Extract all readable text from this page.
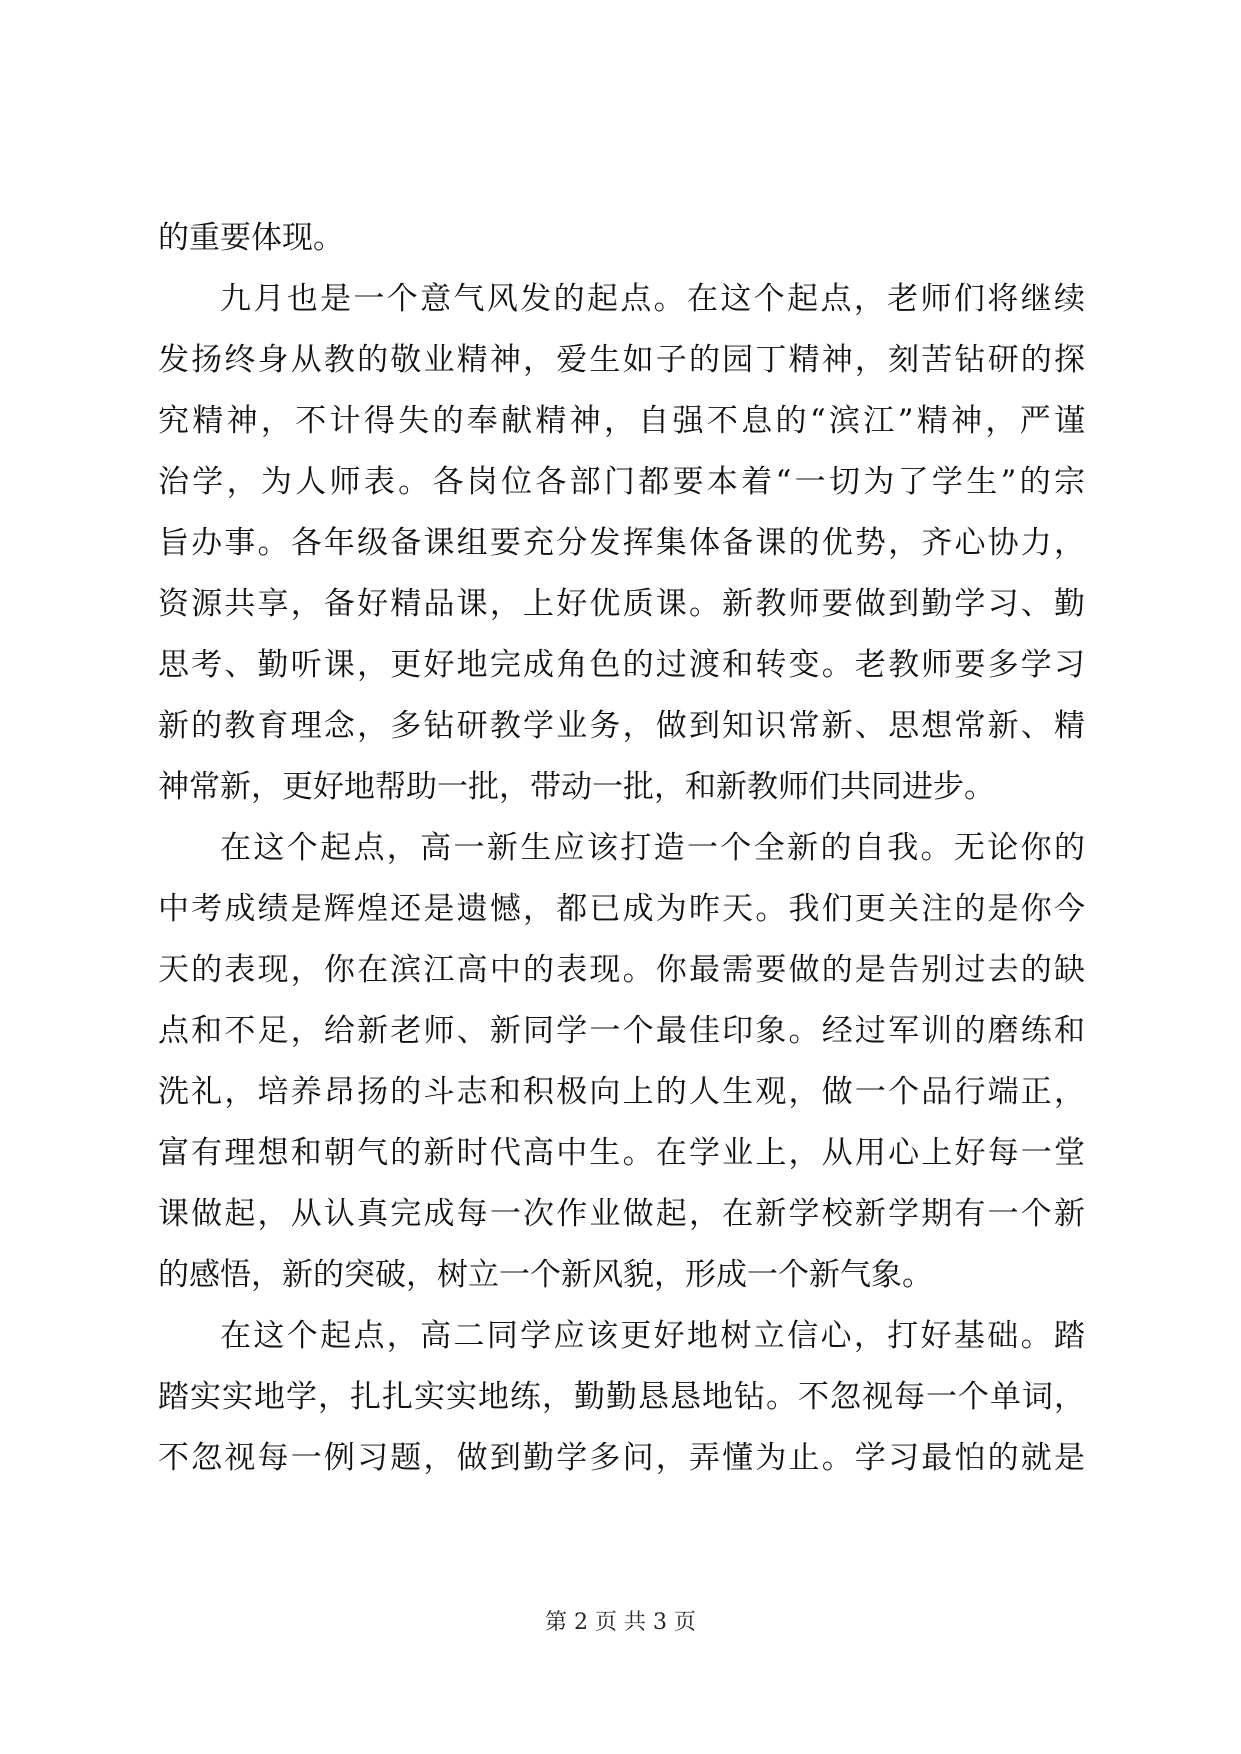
的重要体现。
九月也是一个意气风发的起点。在这个起点，老师们将继续
发扬终身从教的敬业精神，爱生如子的园丁精神，刻苦钻研的探
究精神，不计得失的奉献精神，自强不息的“滨江”精神，严谨
治学，为人师表。各岗位各部门都要本着“一切为了学生”的宗
旨办事。各年级备课组要充分发挥集体备课的优势，齐心协力，
资源共享，备好精品课，上好优质课。新教师要做到勤学习、勤
思考、勤听课，更好地完成角色的过渡和转变。老教师要多学习
新的教育理念，多钻研教学业务，做到知识常新、思想常新、精
神常新，更好地帮助一批，带动一批，和新教师们共同进步。
在这个起点，高一新生应该打造一个全新的自我。无论你的
中考成绩是辉煌还是遗憾，都已成为昨天。我们更关注的是你今
天的表现，你在滨江高中的表现。你最需要做的是告别过去的缺
点和不足，给新老师、新同学一个最佳印象。经过军训的磨练和
洗礼，培养昂扬的斗志和积极向上的人生观，做一个品行端正，
富有理想和朝气的新时代高中生。在学业上，从用心上好每一堂
课做起，从认真完成每一次作业做起，在新学校新学期有一个新
的感悟，新的突破，树立一个新风貌，形成一个新气象。
在这个起点，高二同学应该更好地树立信心，打好基础。踏
踏实实地学，扎扎实实地练，勤勤恳恳地钻。不忽视每一个单词，
不忽视每一例习题，做到勤学多问，弄懂为止。学习最怕的就是
第 2 页 共 3 页
